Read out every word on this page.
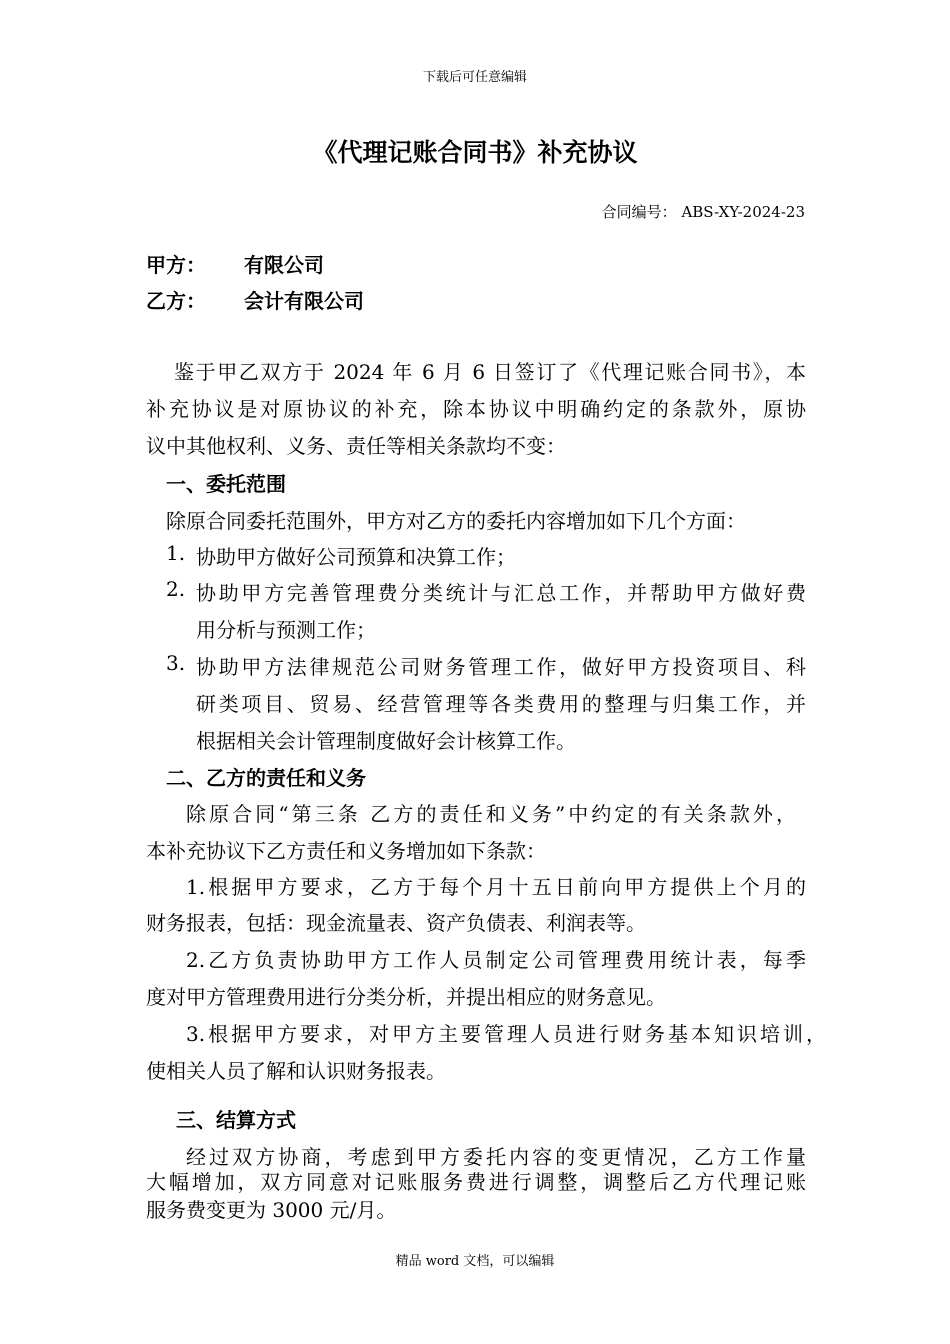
下载后可任意编辑
《代理记账合同书》补充协议
合同编号： ABS-XY-2024-23
甲方： 有限公司
乙方： 会计有限公司
鉴于甲乙双方于 2024 年 6 月 6 日签订了《代理记账合同书》，本
补充协议是对原协议的补充，除本协议中明确约定的条款外，原协
议中其他权利、义务、责任等相关条款均不变：
一、委托范围
除原合同委托范围外，甲方对乙方的委托内容增加如下几个方面：
1. 协助甲方做好公司预算和决算工作；
2. 协助甲方完善管理费分类统计与汇总工作，并帮助甲方做好费
用分析与预测工作；
3. 协助甲方法律规范公司财务管理工作，做好甲方投资项目、科
研类项目、贸易、经营管理等各类费用的整理与归集工作，并
根据相关会计管理制度做好会计核算工作。
二、乙方的责任和义务
除原合同“第三条 乙方的责任和义务”中约定的有关条款外，
本补充协议下乙方责任和义务增加如下条款：
1.根据甲方要求，乙方于每个月十五日前向甲方提供上个月的
财务报表，包括：现金流量表、资产负债表、利润表等。
2.乙方负责协助甲方工作人员制定公司管理费用统计表，每季
度对甲方管理费用进行分类分析，并提出相应的财务意见。
3.根据甲方要求，对甲方主要管理人员进行财务基本知识培训，
使相关人员了解和认识财务报表。
三、结算方式
经过双方协商，考虑到甲方委托内容的变更情况，乙方工作量
大幅增加，双方同意对记账服务费进行调整，调整后乙方代理记账
服务费变更为 3000 元/月。
精品 word 文档，可以编辑
